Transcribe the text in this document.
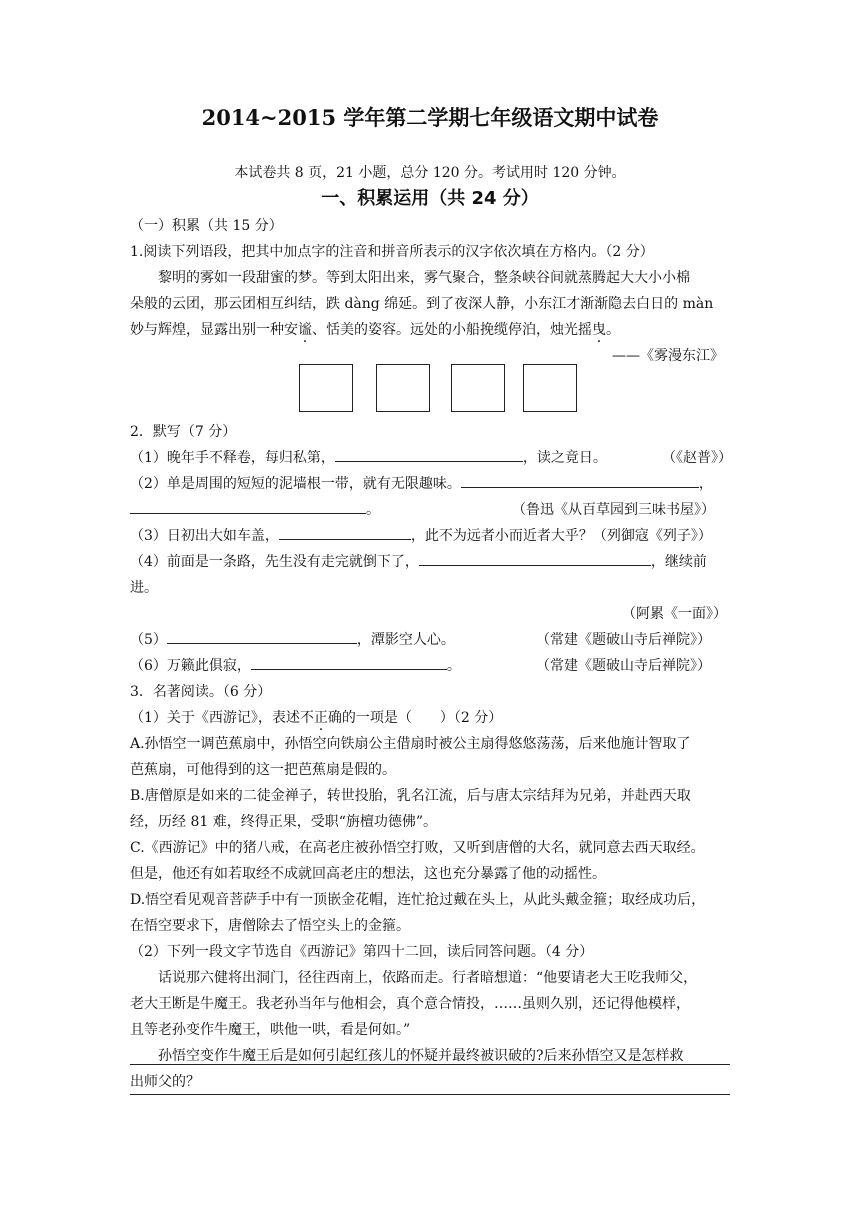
2014~2015 学年第二学期七年级语文期中试卷
本试卷共 8 页，21 小题，总分 120 分。考试用时 120 分钟。
一、积累运用（共 24 分）
（一）积累（共 15 分）
1.阅读下列语段，把其中加点字的注音和拼音所表示的汉字依次填在方格内。（2 分）
黎明的雾如一段甜蜜的梦。等到太阳出来，雾气聚合，整条峡谷间就蒸腾起大大小小棉
朵般的云团，那云团相互纠结，跌 dàng 绵延。到了夜深人静，小东江才渐渐隐去白日的 màn
妙与辉煌，显露出别一种安谧、恬美的姿容。远处的小船挽缆停泊，烛光摇曳。
——《雾漫东江》
2．默写（7 分）
（1）晚年手不释卷，每归私第，	，读之竟日。	（《赵普》）
（2）单是周围的短短的泥墙根一带，就有无限趣味。	，
。	（鲁迅《从百草园到三味书屋》）
（3）日初出大如车盖，	，此不为远者小而近者大乎？（列御寇《列子》）
（4）前面是一条路，先生没有走完就倒下了，	，继续前
进。
（阿累《一面》）
（5）	，潭影空人心。	（常建《题破山寺后禅院》）
（6）万籁此俱寂，	。	（常建《题破山寺后禅院》）
3．名著阅读。（6 分）
（1）关于《西游记》，表述不正确的一项是（　　）（2 分）
A.孙悟空一调芭蕉扇中，孙悟空向铁扇公主借扇时被公主扇得悠悠荡荡，后来他施计智取了
芭蕉扇，可他得到的这一把芭蕉扇是假的。
B.唐僧原是如来的二徒金禅子，转世投胎，乳名江流，后与唐太宗结拜为兄弟，并赴西天取
经，历经 81 难，终得正果，受职“旃檀功德佛”。
C.《西游记》中的猪八戒，在高老庄被孙悟空打败，又听到唐僧的大名，就同意去西天取经。
但是，他还有如若取经不成就回高老庄的想法，这也充分暴露了他的动摇性。
D.悟空看见观音菩萨手中有一顶嵌金花帽，连忙抢过戴在头上，从此头戴金箍；取经成功后，
在悟空要求下，唐僧除去了悟空头上的金箍。
（2）下列一段文字节选自《西游记》第四十二回，读后同答问题。（4 分）
话说那六健将出洞门，径往西南上，依路而走。行者暗想道：“他要请老大王吃我师父，
老大王断是牛魔王。我老孙当年与他相会，真个意合情投，……虽则久别，还记得他模样，
且等老孙变作牛魔王，哄他一哄，看是何如。”
孙悟空变作牛魔王后是如何引起红孩儿的怀疑并最终被识破的?后来孙悟空又是怎样救
出师父的？
